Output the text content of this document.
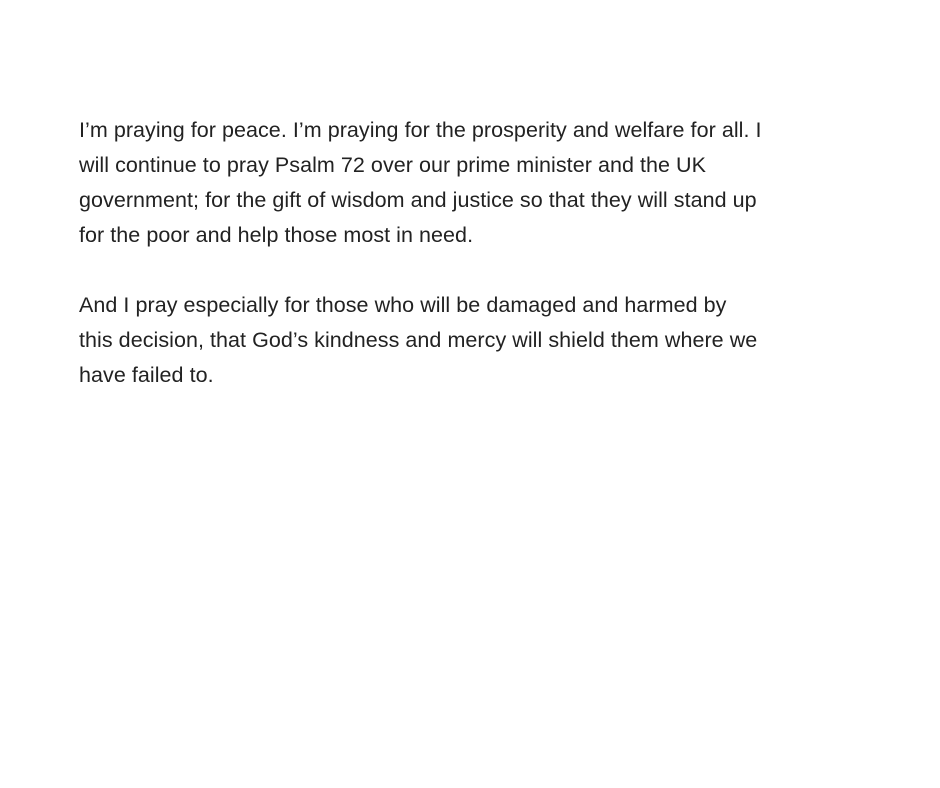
I’m praying for peace. I’m praying for the prosperity and welfare for all. I
will continue to pray Psalm 72 over our prime minister and the UK
government; for the gift of wisdom and justice so that they will stand up
for the poor and help those most in need.

And I pray especially for those who will be damaged and harmed by
this decision, that God’s kindness and mercy will shield them where we
have failed to.
